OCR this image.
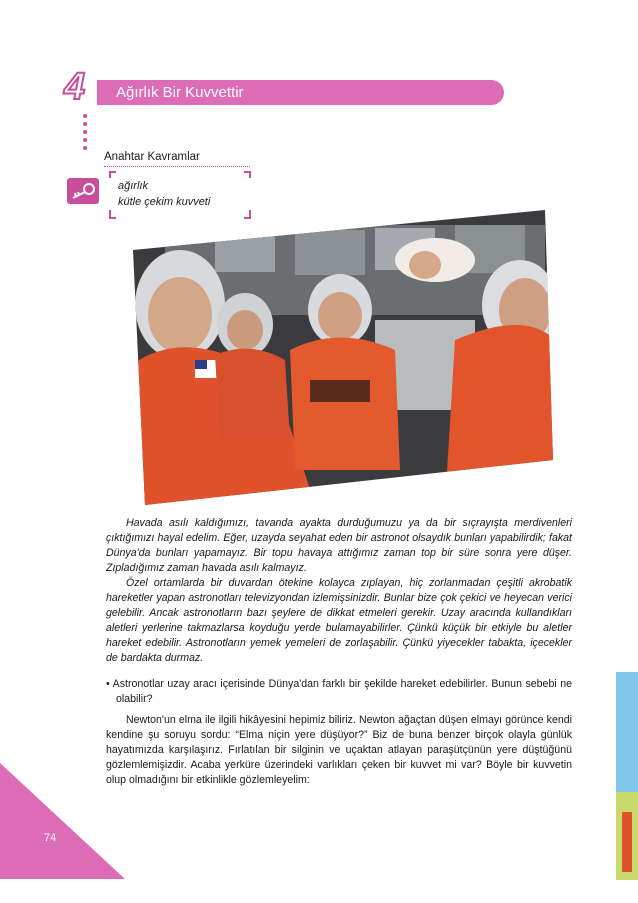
4 Ağırlık Bir Kuvvettir
Anahtar Kavramlar
ağırlık
kütle çekim kuvveti

Havada asılı kaldığımızı, tavanda ayakta durduğumuzu ya da bir sıçrayışta merdivenleri çıktığımızı hayal edelim. Eğer, uzayda seyahat eden bir astronot olsaydık bunları yapabilirdik; fakat Dünya'da bunları yapamayız. Bir topu havaya attığımız zaman top bir süre sonra yere düşer. Zıpladığımız zaman havada asılı kalmayız.

Özel ortamlarda bir duvardan ötekine kolayca zıplayan, hiç zorlanmadan çeşitli akrobatik hareketler yapan astronotları televizyondan izlemişsinizdir. Bunlar bize çok çekici ve heyecan verici gelebilir. Ancak astronotların bazı şeylere de dikkat etmeleri gerekir. Uzay aracında kullandıkları aletleri yerlerine takmazlarsa koyduğu yerde bulamayabilirler. Çünkü küçük bir etkiyle bu aletler hareket edebilir. Astronotların yemek yemeleri de zorlaşabilir. Çünkü yiyecekler tabakta, içecekler de bardakta durmaz.

• Astronotlar uzay aracı içerisinde Dünya'dan farklı bir şekilde hareket edebilirler. Bunun sebebi ne olabilir?

Newton'un elma ile ilgili hikâyesini hepimiz biliriz. Newton ağaçtan düşen elmayı görünce kendi kendine şu soruyu sordu: “Elma niçin yere düşüyor?” Biz de buna benzer birçok olayla günlük hayatımızda karşılaşırız. Fırlatılan bir silginin ve uçaktan atlayan paraşütçünün yere düştüğünü gözlemlemişizdir. Acaba yerküre üzerindeki varlıkları çeken bir kuvvet mi var? Böyle bir kuvvetin olup olmadığını bir etkinlikle gözlemleyelim:

74
